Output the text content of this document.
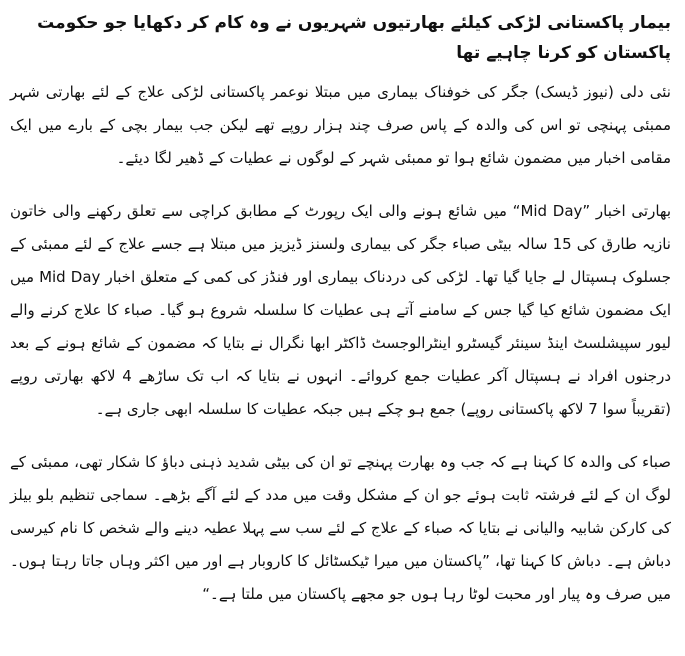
بیمار پاکستانی لڑکی کیلئے بھارتیوں شہریوں نے وہ کام کر دکھایا جو حکومت پاکستان کو کرنا چاہیے تھا

نئی دلی (نیوز ڈیسک) جگر کی خوفناک بیماری میں مبتلا نوعمر پاکستانی لڑکی علاج کے لئے بھارتی شہر ممبئی پہنچی تو اس کی والدہ کے پاس صرف چند ہزار روپے تھے لیکن جب بیمار بچی کے بارے میں ایک مقامی اخبار میں مضمون شائع ہوا تو ممبئی شہر کے لوگوں نے عطیات کے ڈھیر لگا دیئے۔

بھارتی اخبار ”Mid Day“ میں شائع ہونے والی ایک رپورٹ کے مطابق کراچی سے تعلق رکھنے والی خاتون نازیہ طارق کی 15 سالہ بیٹی صباء جگر کی بیماری ولسنز ڈیزیز میں مبتلا ہے جسے علاج کے لئے ممبئی کے جسلوک ہسپتال لے جایا گیا تھا۔ لڑکی کی دردناک بیماری اور فنڈز کی کمی کے متعلق اخبار Mid Day میں ایک مضمون شائع کیا گیا جس کے سامنے آتے ہی عطیات کا سلسلہ شروع ہو گیا۔ صباء کا علاج کرنے والے لیور سپیشلسٹ اینڈ سینئر گیسٹرو اینٹرالوجسٹ ڈاکٹر ابھا نگرال نے بتایا کہ مضمون کے شائع ہونے کے بعد درجنوں افراد نے ہسپتال آکر عطیات جمع کروائے۔ انہوں نے بتایا کہ اب تک ساڑھے 4 لاکھ بھارتی روپے (تقریباً سوا 7 لاکھ پاکستانی روپے) جمع ہو چکے ہیں جبکہ عطیات کا سلسلہ ابھی جاری ہے۔

صباء کی والدہ کا کہنا ہے کہ جب وہ بھارت پہنچے تو ان کی بیٹی شدید ذہنی دباؤ کا شکار تھی، ممبئی کے لوگ ان کے لئے فرشتہ ثابت ہوئے جو ان کے مشکل وقت میں مدد کے لئے آگے بڑھے۔ سماجی تنظیم بلو بیلز کی کارکن شابیہ والیانی نے بتایا کہ صباء کے علاج کے لئے سب سے پہلا عطیہ دینے والے شخص کا نام کیرسی دباش ہے۔ دباش کا کہنا تھا، ”پاکستان میں میرا ٹیکسٹائل کا کاروبار ہے اور میں اکثر وہاں جاتا رہتا ہوں۔ میں صرف وہ پیار اور محبت لوٹا رہا ہوں جو مجھے پاکستان میں ملتا ہے۔“
